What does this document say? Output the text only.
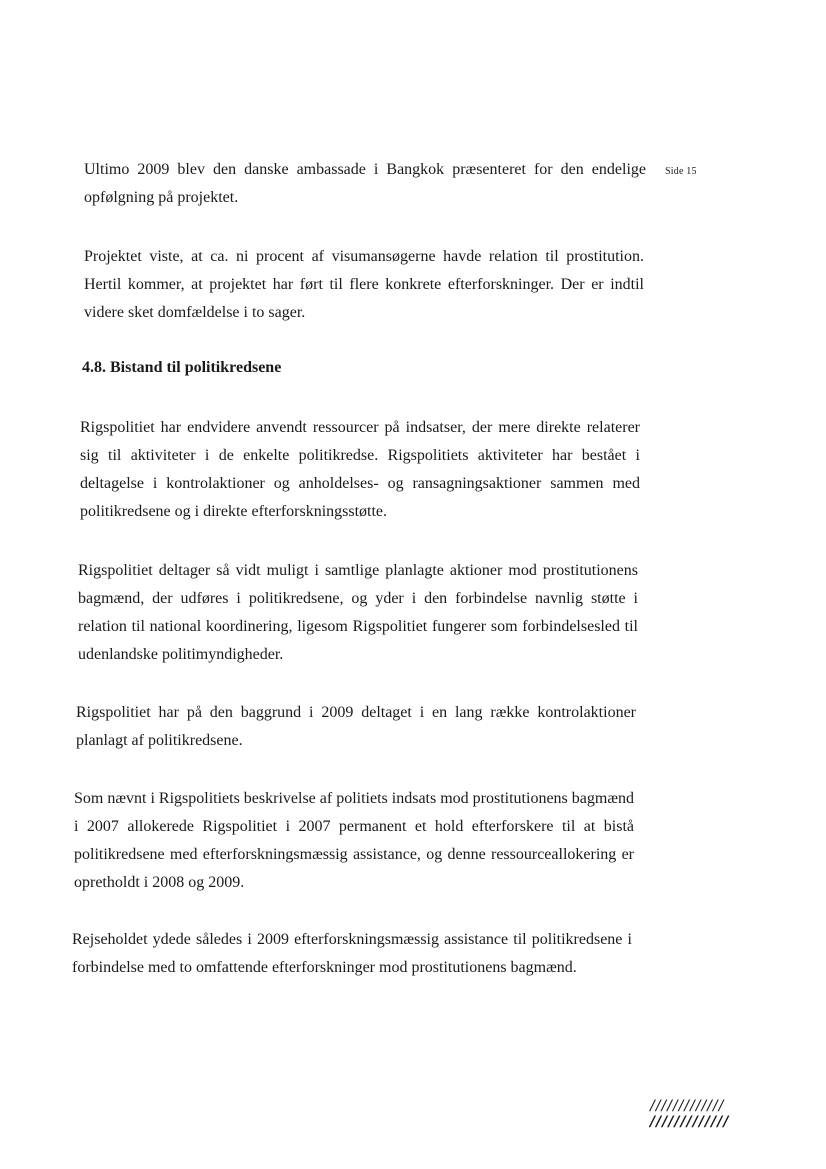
Side 15
Ultimo 2009 blev den danske ambassade i Bangkok præsenteret for den endelige opfølgning på projektet.
Projektet viste, at ca. ni procent af visumansøgerne havde relation til prostitution. Hertil kommer, at projektet har ført til flere konkrete efterforskninger. Der er indtil videre sket domfældelse i to sager.
4.8. Bistand til politikredsene
Rigspolitiet har endvidere anvendt ressourcer på indsatser, der mere direkte relaterer sig til aktiviteter i de enkelte politikredse. Rigspolitiets aktiviteter har bestået i deltagelse i kontrolaktioner og anholdelses- og ransagningsaktioner sammen med politikredsene og i direkte efterforskningsstøtte.
Rigspolitiet deltager så vidt muligt i samtlige planlagte aktioner mod prostitutionens bagmænd, der udføres i politikredsene, og yder i den forbindelse navnlig støtte i relation til national koordinering, ligesom Rigspolitiet fungerer som forbindelsesled til udenlandske politimyndigheder.
Rigspolitiet har på den baggrund i 2009 deltaget i en lang række kontrolaktioner planlagt af politikredsene.
Som nævnt i Rigspolitiets beskrivelse af politiets indsats mod prostitutionens bagmænd i 2007 allokerede Rigspolitiet i 2007 permanent et hold efterforskere til at bistå politikredsene med efterforskningsmæssig assistance, og denne ressourceallokering er opretholdt i 2008 og 2009.
Rejseholdet ydede således i 2009 efterforskningsmæssig assistance til politikredsene i forbindelse med to omfattende efterforskninger mod prostitutionens bagmænd.
/////////////
/////////////
